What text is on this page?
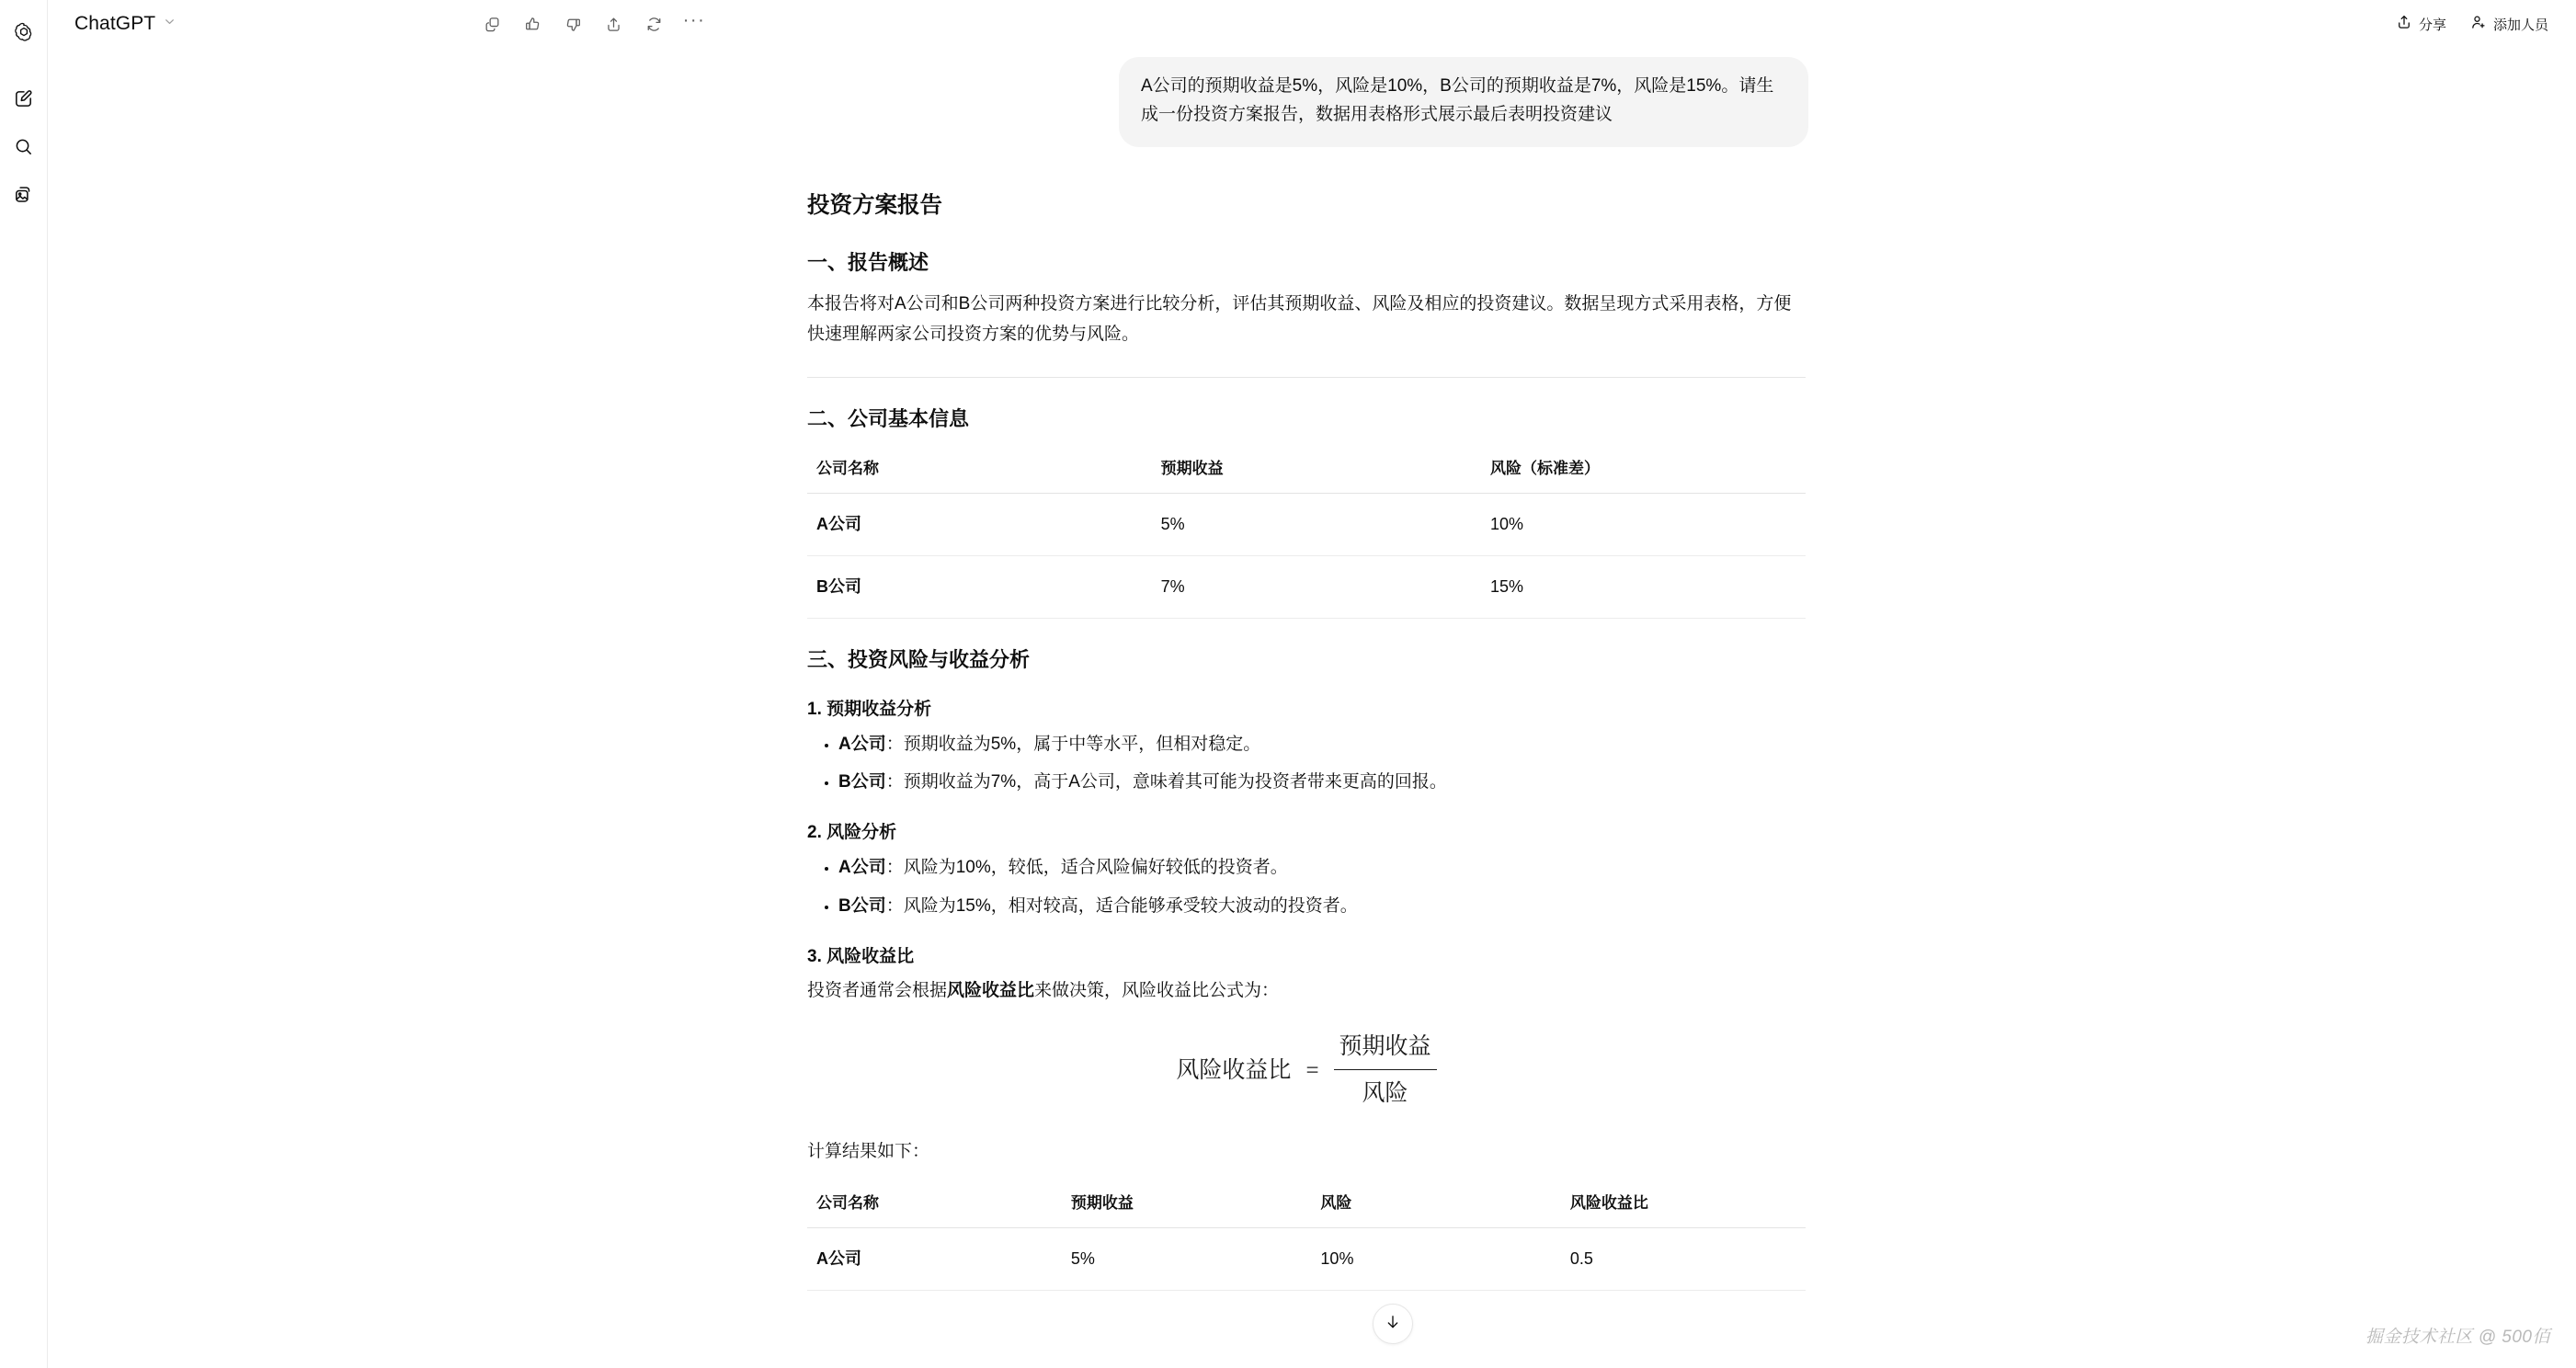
ChatGPT	···	分享	添加人员
A公司的预期收益是5%，风险是10%，B公司的预期收益是7%，风险是15%。请生成一份投资方案报告，数据用表格形式展示最后表明投资建议
投资方案报告
一、报告概述

本报告将对A公司和B公司两种投资方案进行比较分析，评估其预期收益、风险及相应的投资建议。数据呈现方式采用表格，方便快速理解两家公司投资方案的优势与风险。

二、公司基本信息
公司名称	预期收益	风险（标准差）
A公司	5%	10%
B公司	7%	15%
三、投资风险与收益分析
1. 预期收益分析
• A公司：预期收益为5%，属于中等水平，但相对稳定。
• B公司：预期收益为7%，高于A公司，意味着其可能为投资者带来更高的回报。
2. 风险分析
• A公司：风险为10%，较低，适合风险偏好较低的投资者。
• B公司：风险为15%，相对较高，适合能够承受较大波动的投资者。
3. 风险收益比

投资者通常会根据风险收益比来做决策，风险收益比公式为：

风险收益比 = $\frac{\text{预期收益}}{\text{风险}}$

计算结果如下：

公司名称	预期收益	风险	风险收益比
A公司	5%	10%	0.5
掘金技术社区 @ 500佰
